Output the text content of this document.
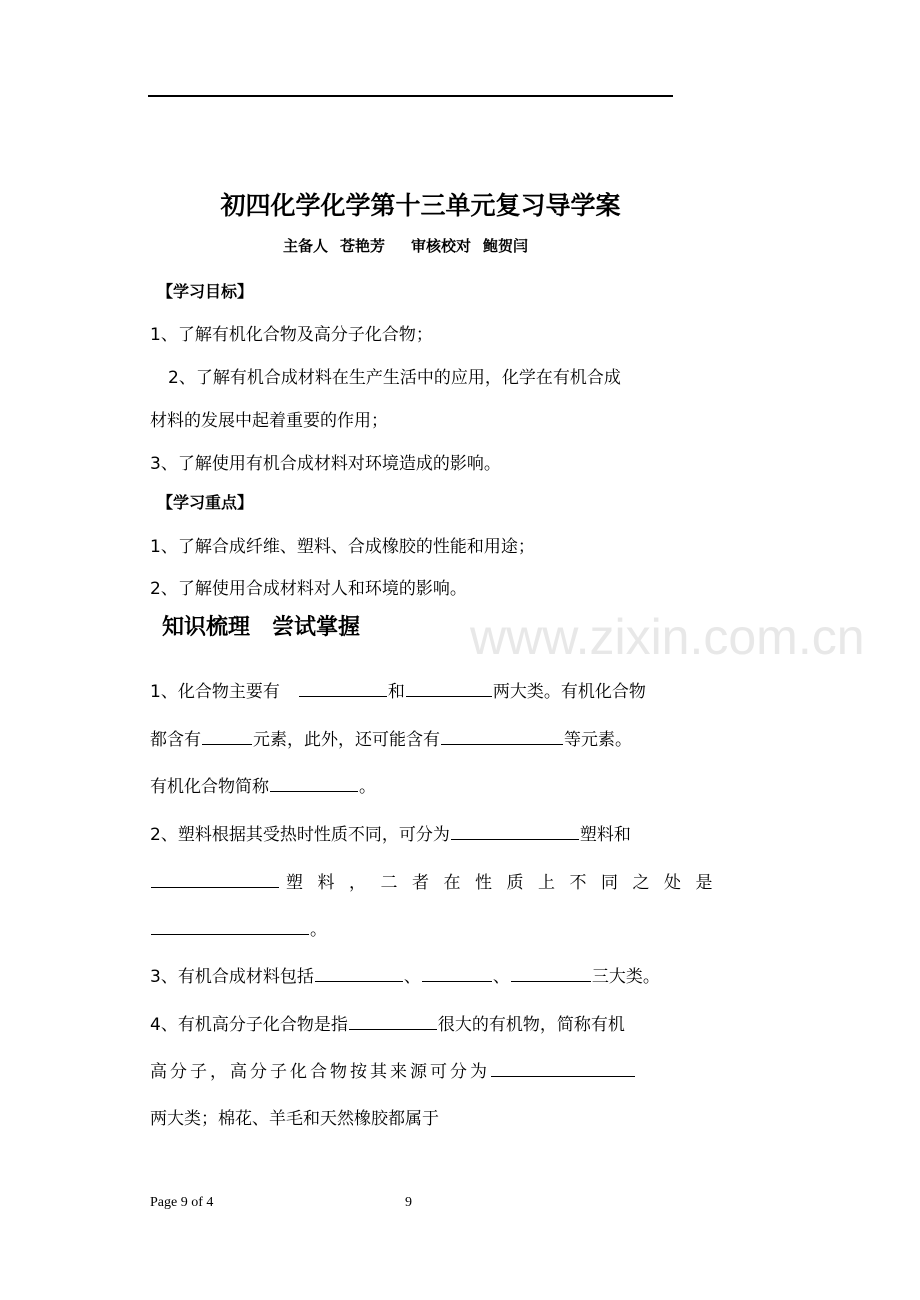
www.zixin.com.cn
初四化学化学第十三单元复习导学案
主备人 苍艳芳 审核校对 鲍贺闫
【学习目标】
1、了解有机化合物及高分子化合物；
2、了解有机合成材料在生产生活中的应用，化学在有机合成
材料的发展中起着重要的作用；
3、了解使用有机合成材料对环境造成的影响。
【学习重点】
1、了解合成纤维、塑料、合成橡胶的性能和用途；
2、了解使用合成材料对人和环境的影响。
知识梳理　尝试掌握
1、化合物主要有	和	两大类。有机化合物
都含有	元素，此外，还可能含有	等元素。
有机化合物简称	。
2、塑料根据其受热时性质不同，可分为	塑料和
塑料，二者在性质上不同之处是
。
3、有机合成材料包括	、	、	三大类。
4、有机高分子化合物是指	很大的有机物，简称有机
高分子，高分子化合物按其来源可分为
两大类；棉花、羊毛和天然橡胶都属于
Page 9 of 4	9
